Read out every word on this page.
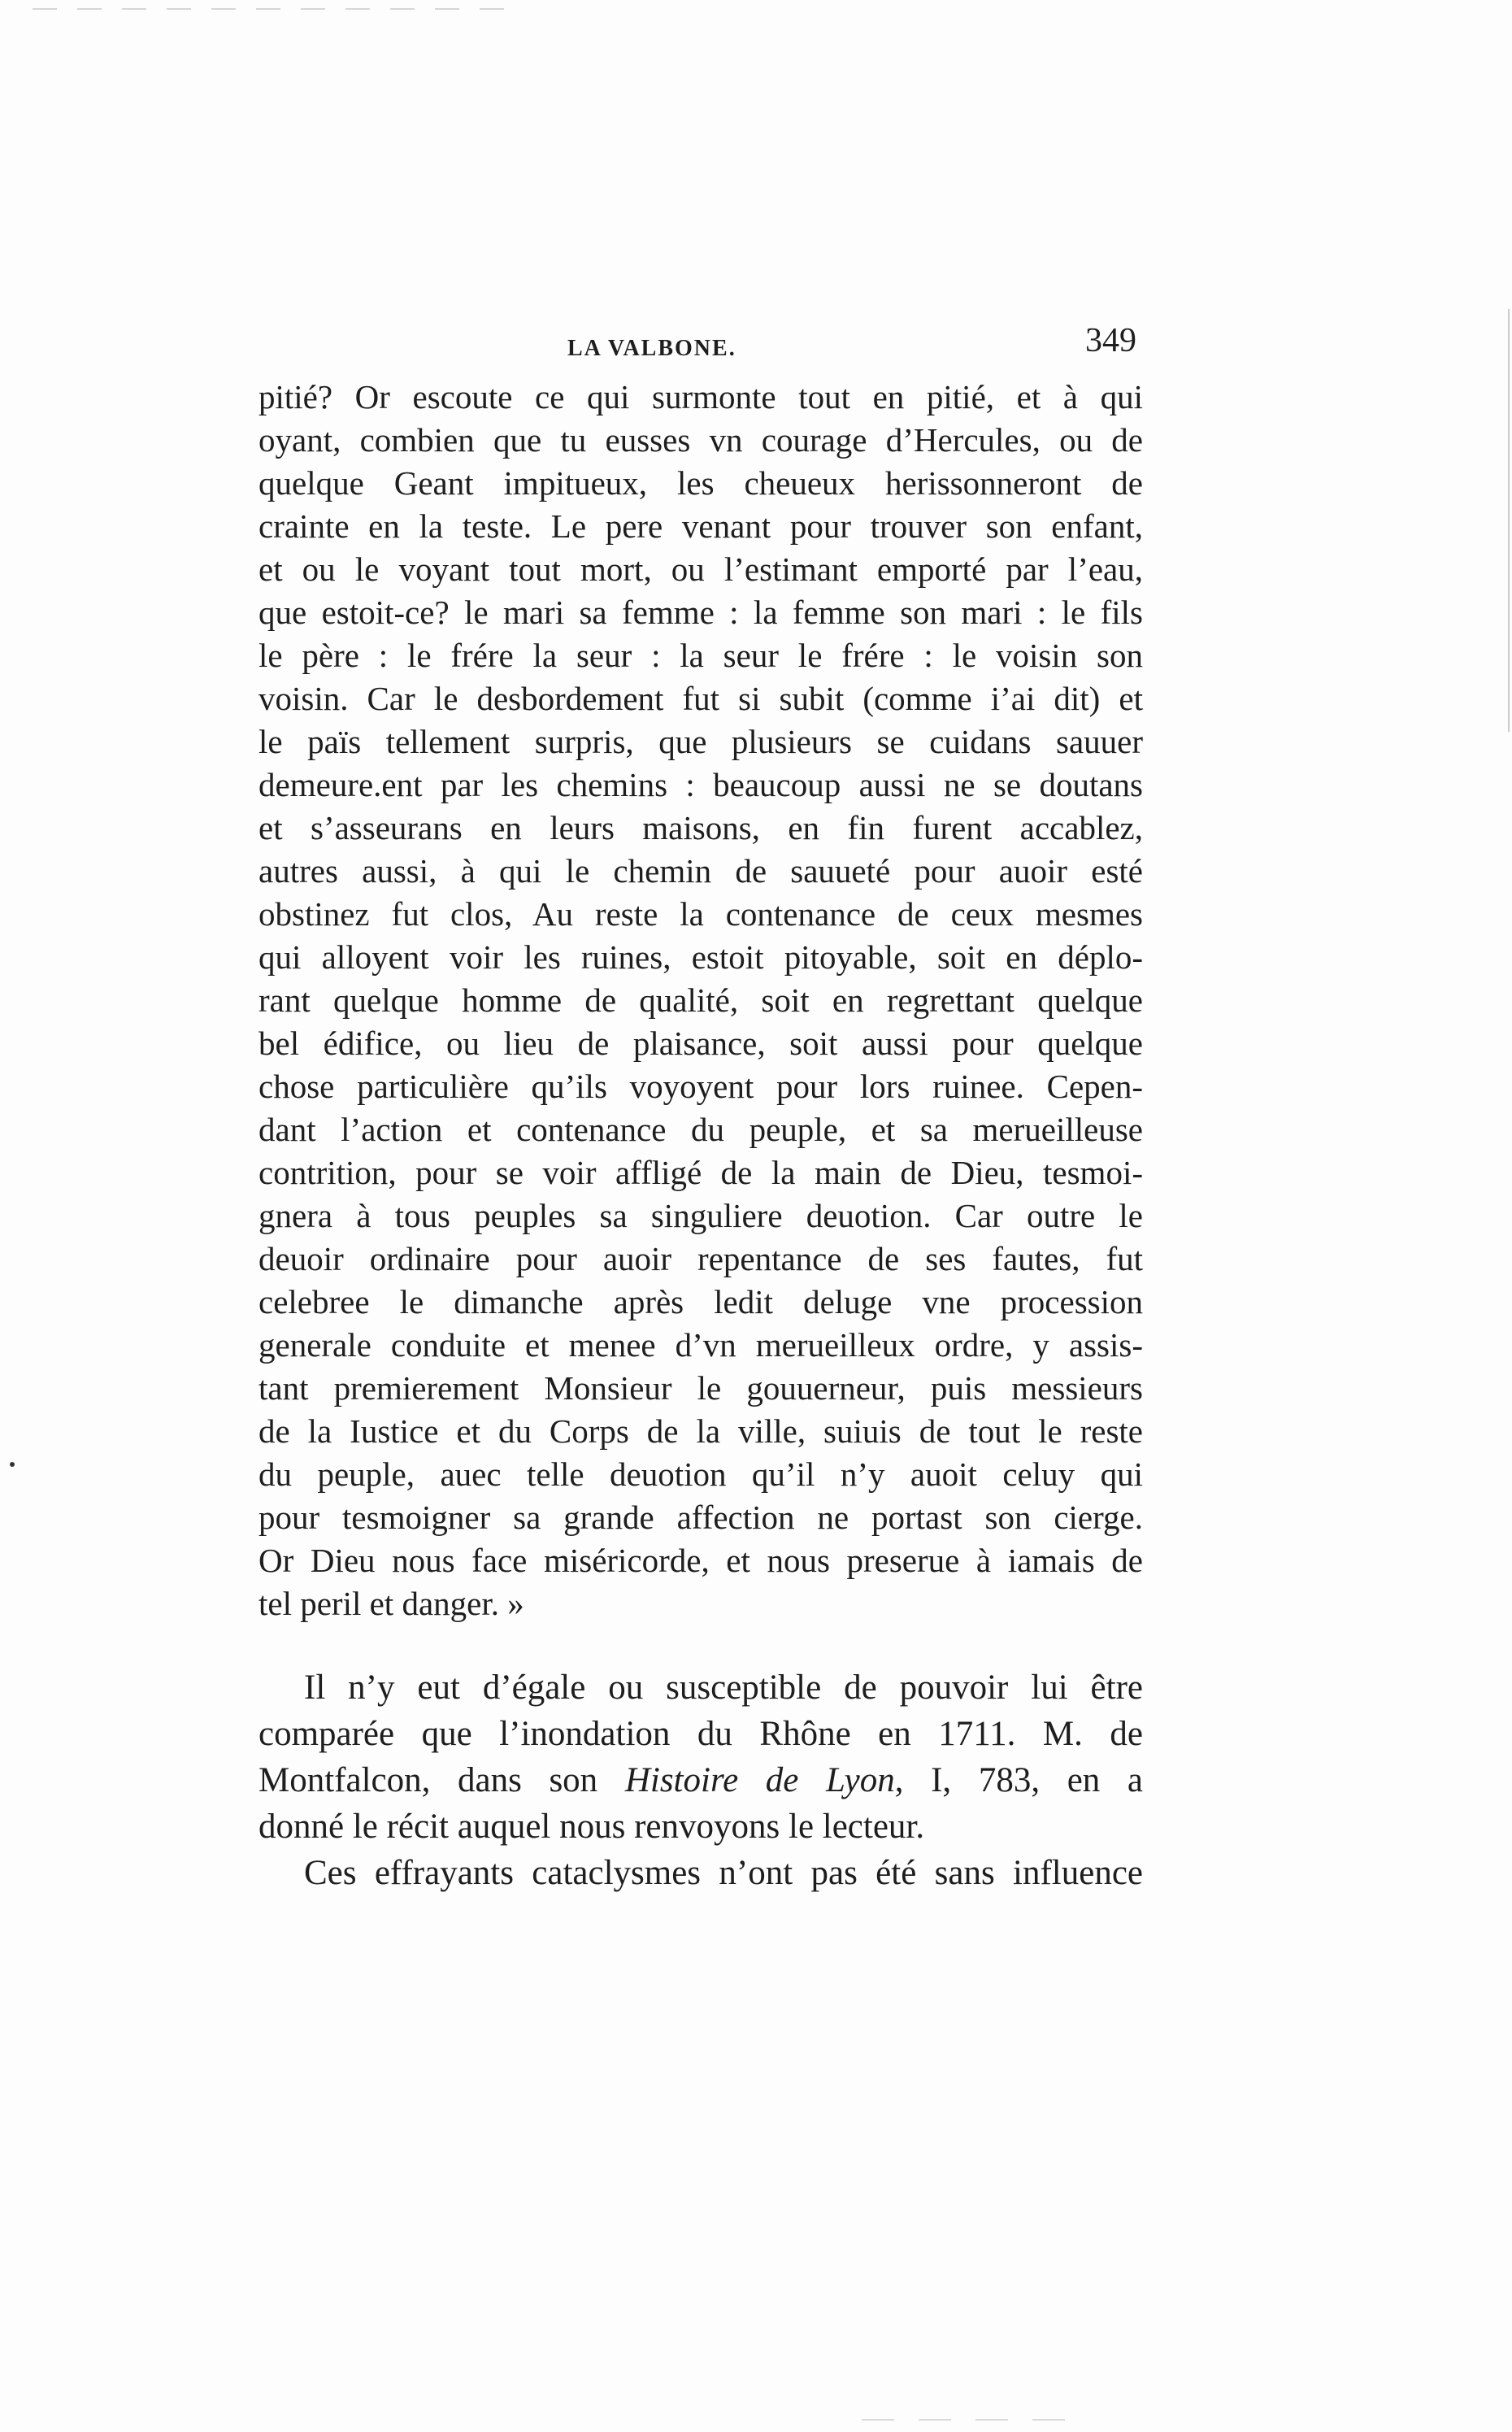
LA VALBONE.	349
pitié? Or escoute ce qui surmonte tout en pitié, et à qui
oyant, combien que tu eusses vn courage d’Hercules, ou de
quelque Geant impitueux, les cheueux herissonneront de
crainte en la teste. Le pere venant pour trouver son enfant,
et ou le voyant tout mort, ou l’estimant emporté par l’eau,
que estoit-ce? le mari sa femme : la femme son mari : le fils
le père : le frére la seur : la seur le frére : le voisin son
voisin. Car le desbordement fut si subit (comme i’ai dit) et
le païs tellement surpris, que plusieurs se cuidans sauuer
demeure.ent par les chemins : beaucoup aussi ne se doutans
et s’asseurans en leurs maisons, en fin furent accablez,
autres aussi, à qui le chemin de sauueté pour auoir esté
obstinez fut clos, Au reste la contenance de ceux mesmes
qui alloyent voir les ruines, estoit pitoyable, soit en déplo-
rant quelque homme de qualité, soit en regrettant quelque
bel édifice, ou lieu de plaisance, soit aussi pour quelque
chose particulière qu’ils voyoyent pour lors ruinee. Cepen-
dant l’action et contenance du peuple, et sa merueilleuse
contrition, pour se voir affligé de la main de Dieu, tesmoi-
gnera à tous peuples sa singuliere deuotion. Car outre le
deuoir ordinaire pour auoir repentance de ses fautes, fut
celebree le dimanche après ledit deluge vne procession
generale conduite et menee d’vn merueilleux ordre, y assis-
tant premierement Monsieur le gouuerneur, puis messieurs
de la Iustice et du Corps de la ville, suiuis de tout le reste
du peuple, auec telle deuotion qu’il n’y auoit celuy qui
pour tesmoigner sa grande affection ne portast son cierge.
Or Dieu nous face miséricorde, et nous preserue à iamais de
tel peril et danger. »
Il n’y eut d’égale ou susceptible de pouvoir lui être
comparée que l’inondation du Rhône en 1711. M. de
Montfalcon, dans son Histoire de Lyon, I, 783, en a
donné le récit auquel nous renvoyons le lecteur.
Ces effrayants cataclysmes n’ont pas été sans influence
